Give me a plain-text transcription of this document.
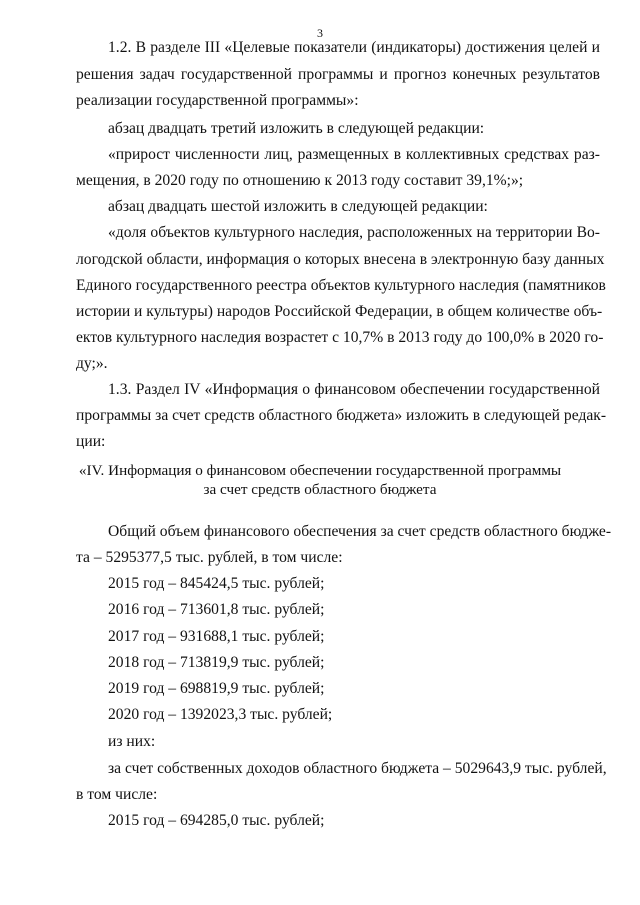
3
1.2. В разделе III «Целевые показатели (индикаторы) достижения целей и
решения задач государственной программы и прогноз конечных результатов
реализации государственной программы»:
абзац двадцать третий изложить в следующей редакции:
«прирост численности лиц, размещенных в коллективных средствах раз-
мещения, в 2020 году по отношению к 2013 году составит 39,1%;»;
абзац двадцать шестой изложить в следующей редакции:
«доля объектов культурного наследия, расположенных на территории Во-
логодской области, информация о которых внесена в электронную базу данных
Единого государственного реестра объектов культурного наследия (памятников
истории и культуры) народов Российской Федерации, в общем количестве объ-
ектов культурного наследия возрастет с 10,7% в 2013 году до 100,0% в 2020 го-
ду;».
1.3. Раздел IV «Информация о финансовом обеспечении государственной
программы за счет средств областного бюджета» изложить в следующей редак-
ции:
«IV. Информация о финансовом обеспечении государственной программы
за счет средств областного бюджета
Общий объем финансового обеспечения за счет средств областного бюдже-
та – 5295377,5 тыс. рублей, в том числе:
2015 год – 845424,5 тыс. рублей;
2016 год – 713601,8 тыс. рублей;
2017 год – 931688,1 тыс. рублей;
2018 год – 713819,9 тыс. рублей;
2019 год – 698819,9 тыс. рублей;
2020 год – 1392023,3 тыс. рублей;
из них:
за счет собственных доходов областного бюджета – 5029643,9 тыс. рублей,
в том числе:
2015 год – 694285,0 тыс. рублей;
